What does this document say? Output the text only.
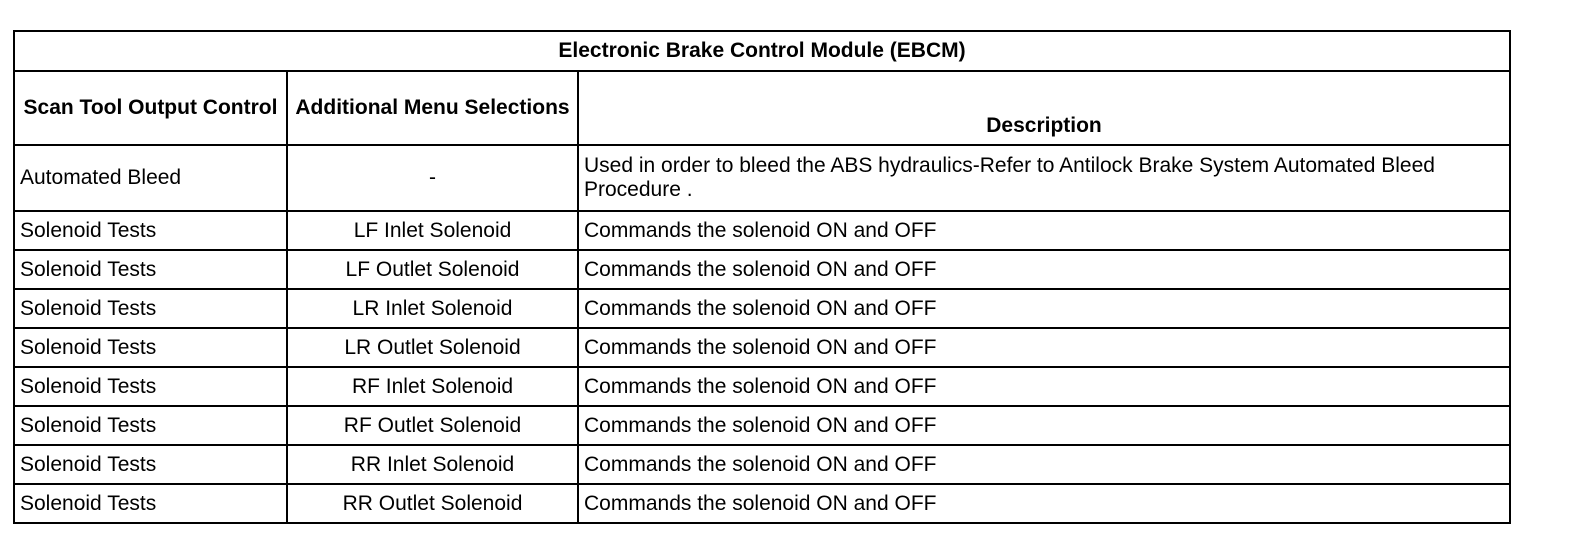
Electronic Brake Control Module (EBCM)		
Scan Tool Output Control	Additional Menu Selections	Description
Automated Bleed	-	Used in order to bleed the ABS hydraulics-Refer to Antilock Brake System Automated Bleed Procedure .
Solenoid Tests	LF Inlet Solenoid	Commands the solenoid ON and OFF
Solenoid Tests	LF Outlet Solenoid	Commands the solenoid ON and OFF
Solenoid Tests	LR Inlet Solenoid	Commands the solenoid ON and OFF
Solenoid Tests	LR Outlet Solenoid	Commands the solenoid ON and OFF
Solenoid Tests	RF Inlet Solenoid	Commands the solenoid ON and OFF
Solenoid Tests	RF Outlet Solenoid	Commands the solenoid ON and OFF
Solenoid Tests	RR Inlet Solenoid	Commands the solenoid ON and OFF
Solenoid Tests	RR Outlet Solenoid	Commands the solenoid ON and OFF
